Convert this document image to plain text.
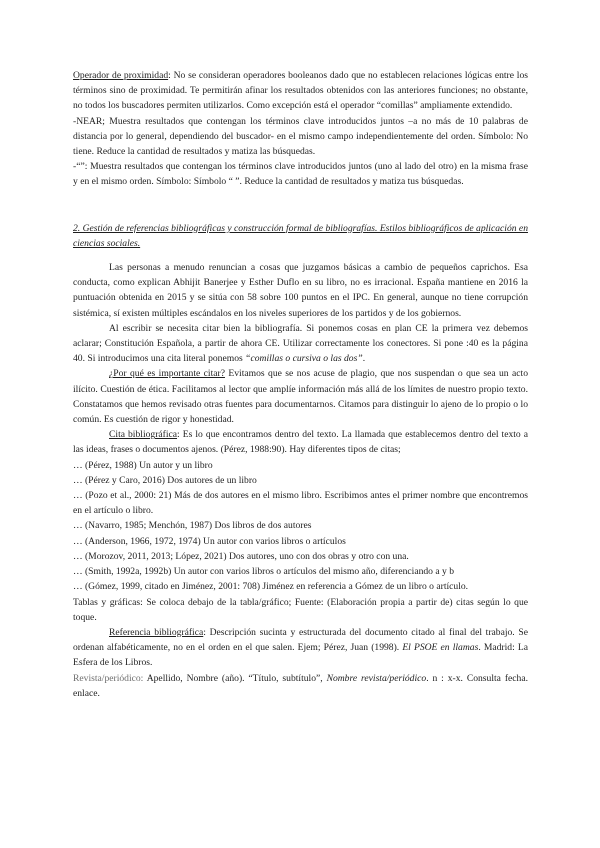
Operador de proximidad: No se consideran operadores booleanos dado que no establecen relaciones lógicas entre los términos sino de proximidad. Te permitirán afinar los resultados obtenidos con las anteriores funciones; no obstante, no todos los buscadores permiten utilizarlos. Como excepción está el operador “comillas” ampliamente extendido.

-NEAR; Muestra resultados que contengan los términos clave introducidos juntos –a no más de 10 palabras de distancia por lo general, dependiendo del buscador- en el mismo campo independientemente del orden. Símbolo: No tiene. Reduce la cantidad de resultados y matiza las búsquedas.

-“”: Muestra resultados que contengan los términos clave introducidos juntos (uno al lado del otro) en la misma frase y en el mismo orden. Símbolo: Símbolo “ ”. Reduce la cantidad de resultados y matiza tus búsquedas.

2. Gestión de referencias bibliográficas y construcción formal de bibliografías. Estilos bibliográficos de aplicación en ciencias sociales.

Las personas a menudo renuncian a cosas que juzgamos básicas a cambio de pequeños caprichos. Esa conducta, como explican Abhijit Banerjee y Esther Duflo en su libro, no es irracional. España mantiene en 2016 la puntuación obtenida en 2015 y se sitúa con 58 sobre 100 puntos en el IPC. En general, aunque no tiene corrupción sistémica, sí existen múltiples escándalos en los niveles superiores de los partidos y de los gobiernos.

Al escribir se necesita citar bien la bibliografía. Si ponemos cosas en plan CE la primera vez debemos aclarar; Constitución Española, a partir de ahora CE. Utilizar correctamente los conectores. Si pone :40 es la página 40. Si introducimos una cita literal ponemos “comillas o cursiva o las dos”.

¿Por qué es importante citar? Evitamos que se nos acuse de plagio, que nos suspendan o que sea un acto ilícito. Cuestión de ética. Facilitamos al lector que amplíe información más allá de los límites de nuestro propio texto. Constatamos que hemos revisado otras fuentes para documentarnos. Citamos para distinguir lo ajeno de lo propio o lo común. Es cuestión de rigor y honestidad.

Cita bibliográfica: Es lo que encontramos dentro del texto. La llamada que establecemos dentro del texto a las ideas, frases o documentos ajenos. (Pérez, 1988:90). Hay diferentes tipos de citas;

… (Pérez, 1988) Un autor y un libro

… (Pérez y Caro, 2016) Dos autores de un libro

… (Pozo et al., 2000: 21) Más de dos autores en el mismo libro. Escribimos antes el primer nombre que encontremos en el artículo o libro.

… (Navarro, 1985; Menchón, 1987) Dos libros de dos autores

… (Anderson, 1966, 1972, 1974) Un autor con varios libros o artículos

… (Morozov, 2011, 2013; López, 2021) Dos autores, uno con dos obras y otro con una.

… (Smith, 1992a, 1992b) Un autor con varios libros o artículos del mismo año, diferenciando a y b

… (Gómez, 1999, citado en Jiménez, 2001: 708) Jiménez en referencia a Gómez de un libro o artículo.

Tablas y gráficas: Se coloca debajo de la tabla/gráfico; Fuente: (Elaboración propia a partir de) citas según lo que toque.

Referencia bibliográfica: Descripción sucinta y estructurada del documento citado al final del trabajo. Se ordenan alfabéticamente, no en el orden en el que salen. Ejem; Pérez, Juan (1998). El PSOE en llamas. Madrid: La Esfera de los Libros.

Revista/periódico: Apellido, Nombre (año). “Título, subtítulo”, Nombre revista/periódico. n : x-x. Consulta fecha. enlace.
